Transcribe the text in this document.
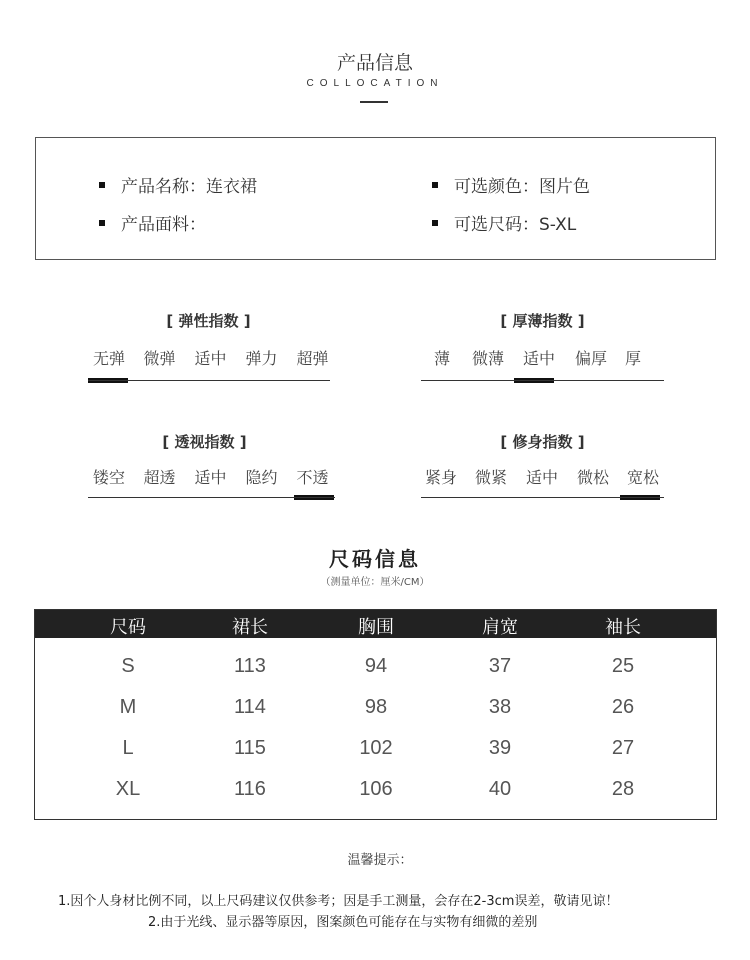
产品信息
COLLOCATION
产品名称：连衣裙
产品面料：
可选颜色：图片色
可选尺码：S-XL
[ 弹性指数 ]
无弹	微弹	适中	弹力	超弹
[ 厚薄指数 ]
薄	微薄	适中	偏厚	厚
[ 透视指数 ]
镂空	超透	适中	隐约	不透
[ 修身指数 ]
紧身	微紧	适中	微松	宽松
尺码信息
（测量单位：厘米/CM）
尺码	裙长	胸围	肩宽	袖长
S	113	94	37	25
M	114	98	38	26
L	115	102	39	27
XL	116	106	40	28
温馨提示：
1.因个人身材比例不同，以上尺码建议仅供参考；因是手工测量，会存在2-3cm误差，敬请见谅！
2.由于光线、显示器等原因，图案颜色可能存在与实物有细微的差别
